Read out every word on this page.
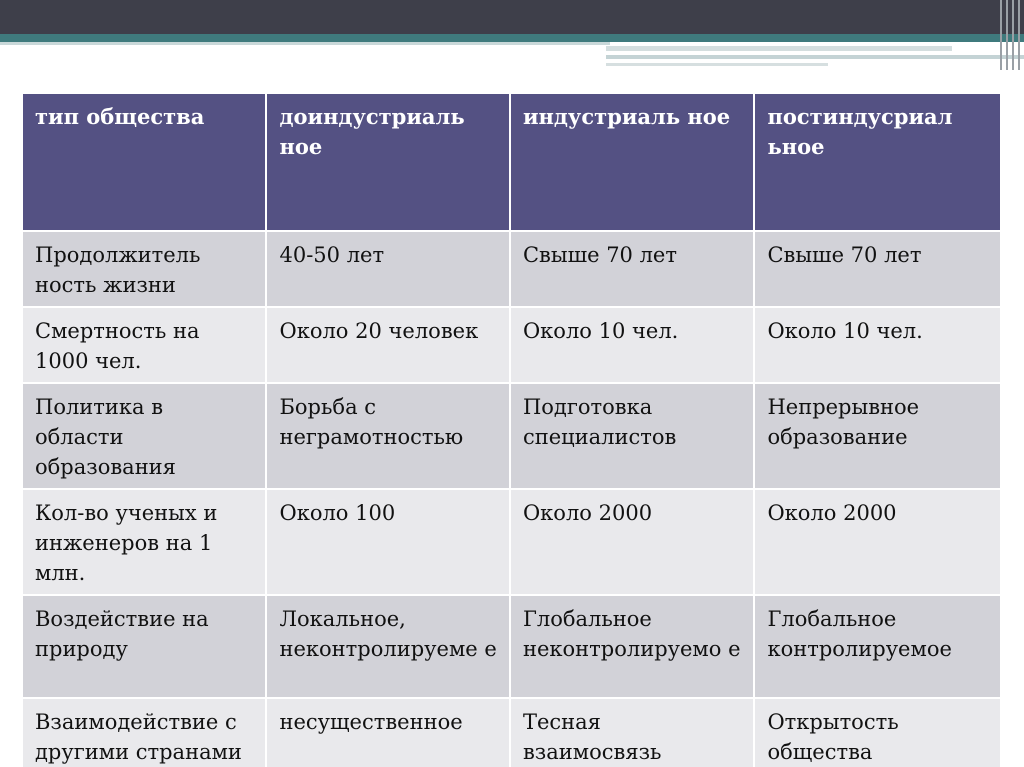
тип общества	доиндустриаль ное	индустриаль ное	постиндусриал ьное
Продолжитель ность жизни	40-50 лет	Свыше 70 лет	Свыше 70 лет
Смертность на 1000 чел.	Около 20 человек	Около 10 чел.	Около 10 чел.
Политика в области образования	Борьба с неграмотностью	Подготовка специалистов	Непрерывное образование
Кол-во ученых и инженеров на 1 млн.	Около 100	Около 2000	Около 2000
Воздействие на природу	Локальное, неконтролируеме е	Глобальное неконтролируемо е	Глобальное контролируемое
Взаимодействие с другими странами	несущественное	Тесная взаимосвязь	Открытость общества
